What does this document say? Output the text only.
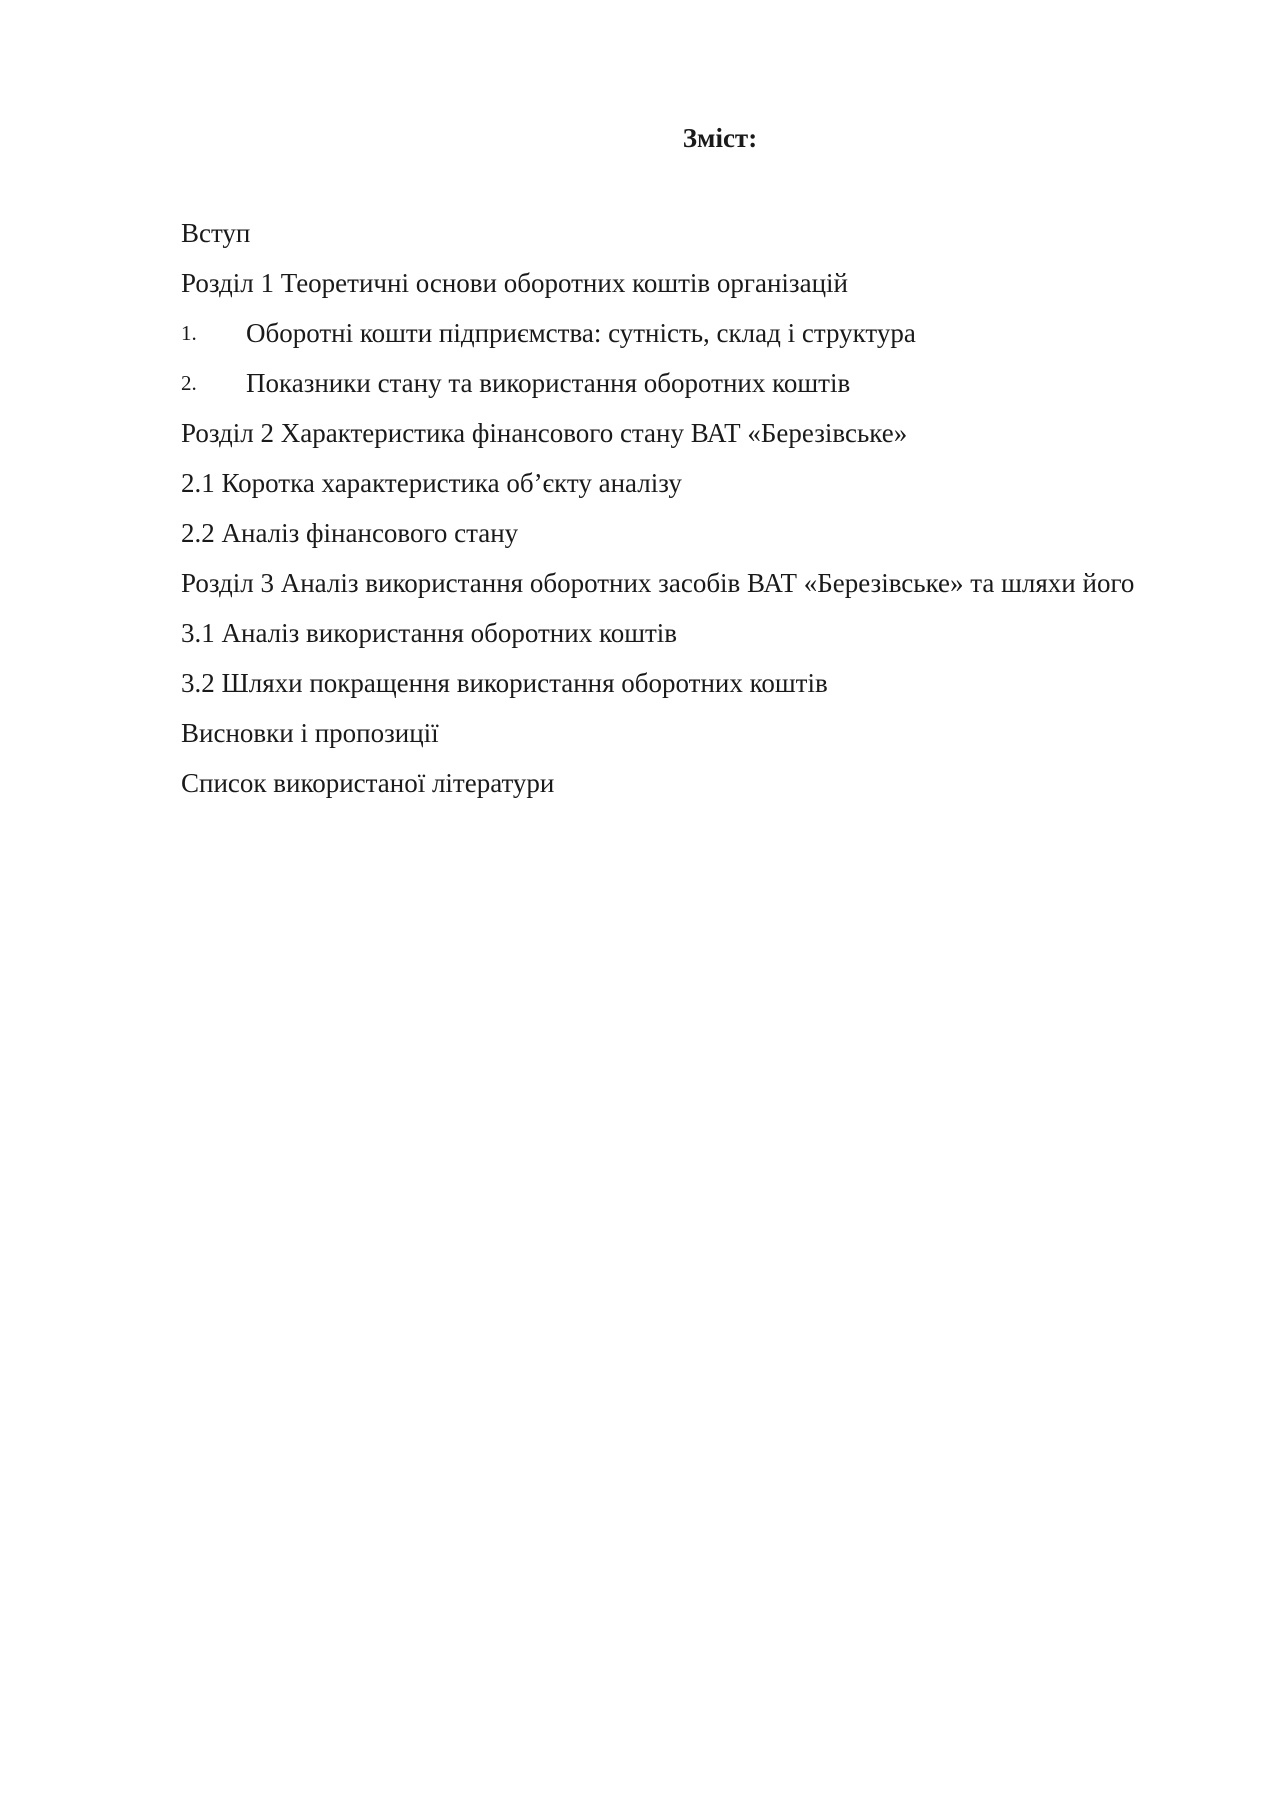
Зміст:
Вступ
Розділ 1 Теоретичні основи оборотних коштів організацій
1.	Оборотні кошти підприємства: сутність, склад і структура
2.	Показники стану та використання оборотних коштів
Розділ 2 Характеристика фінансового стану ВАТ «Березівське»
2.1 Коротка характеристика об’єкту аналізу
2.2 Аналіз фінансового стану
Розділ 3 Аналіз використання оборотних засобів ВАТ «Березівське» та шляхи його
3.1 Аналіз використання оборотних коштів
3.2 Шляхи покращення використання оборотних коштів
Висновки і пропозиції
Список використаної літератури
